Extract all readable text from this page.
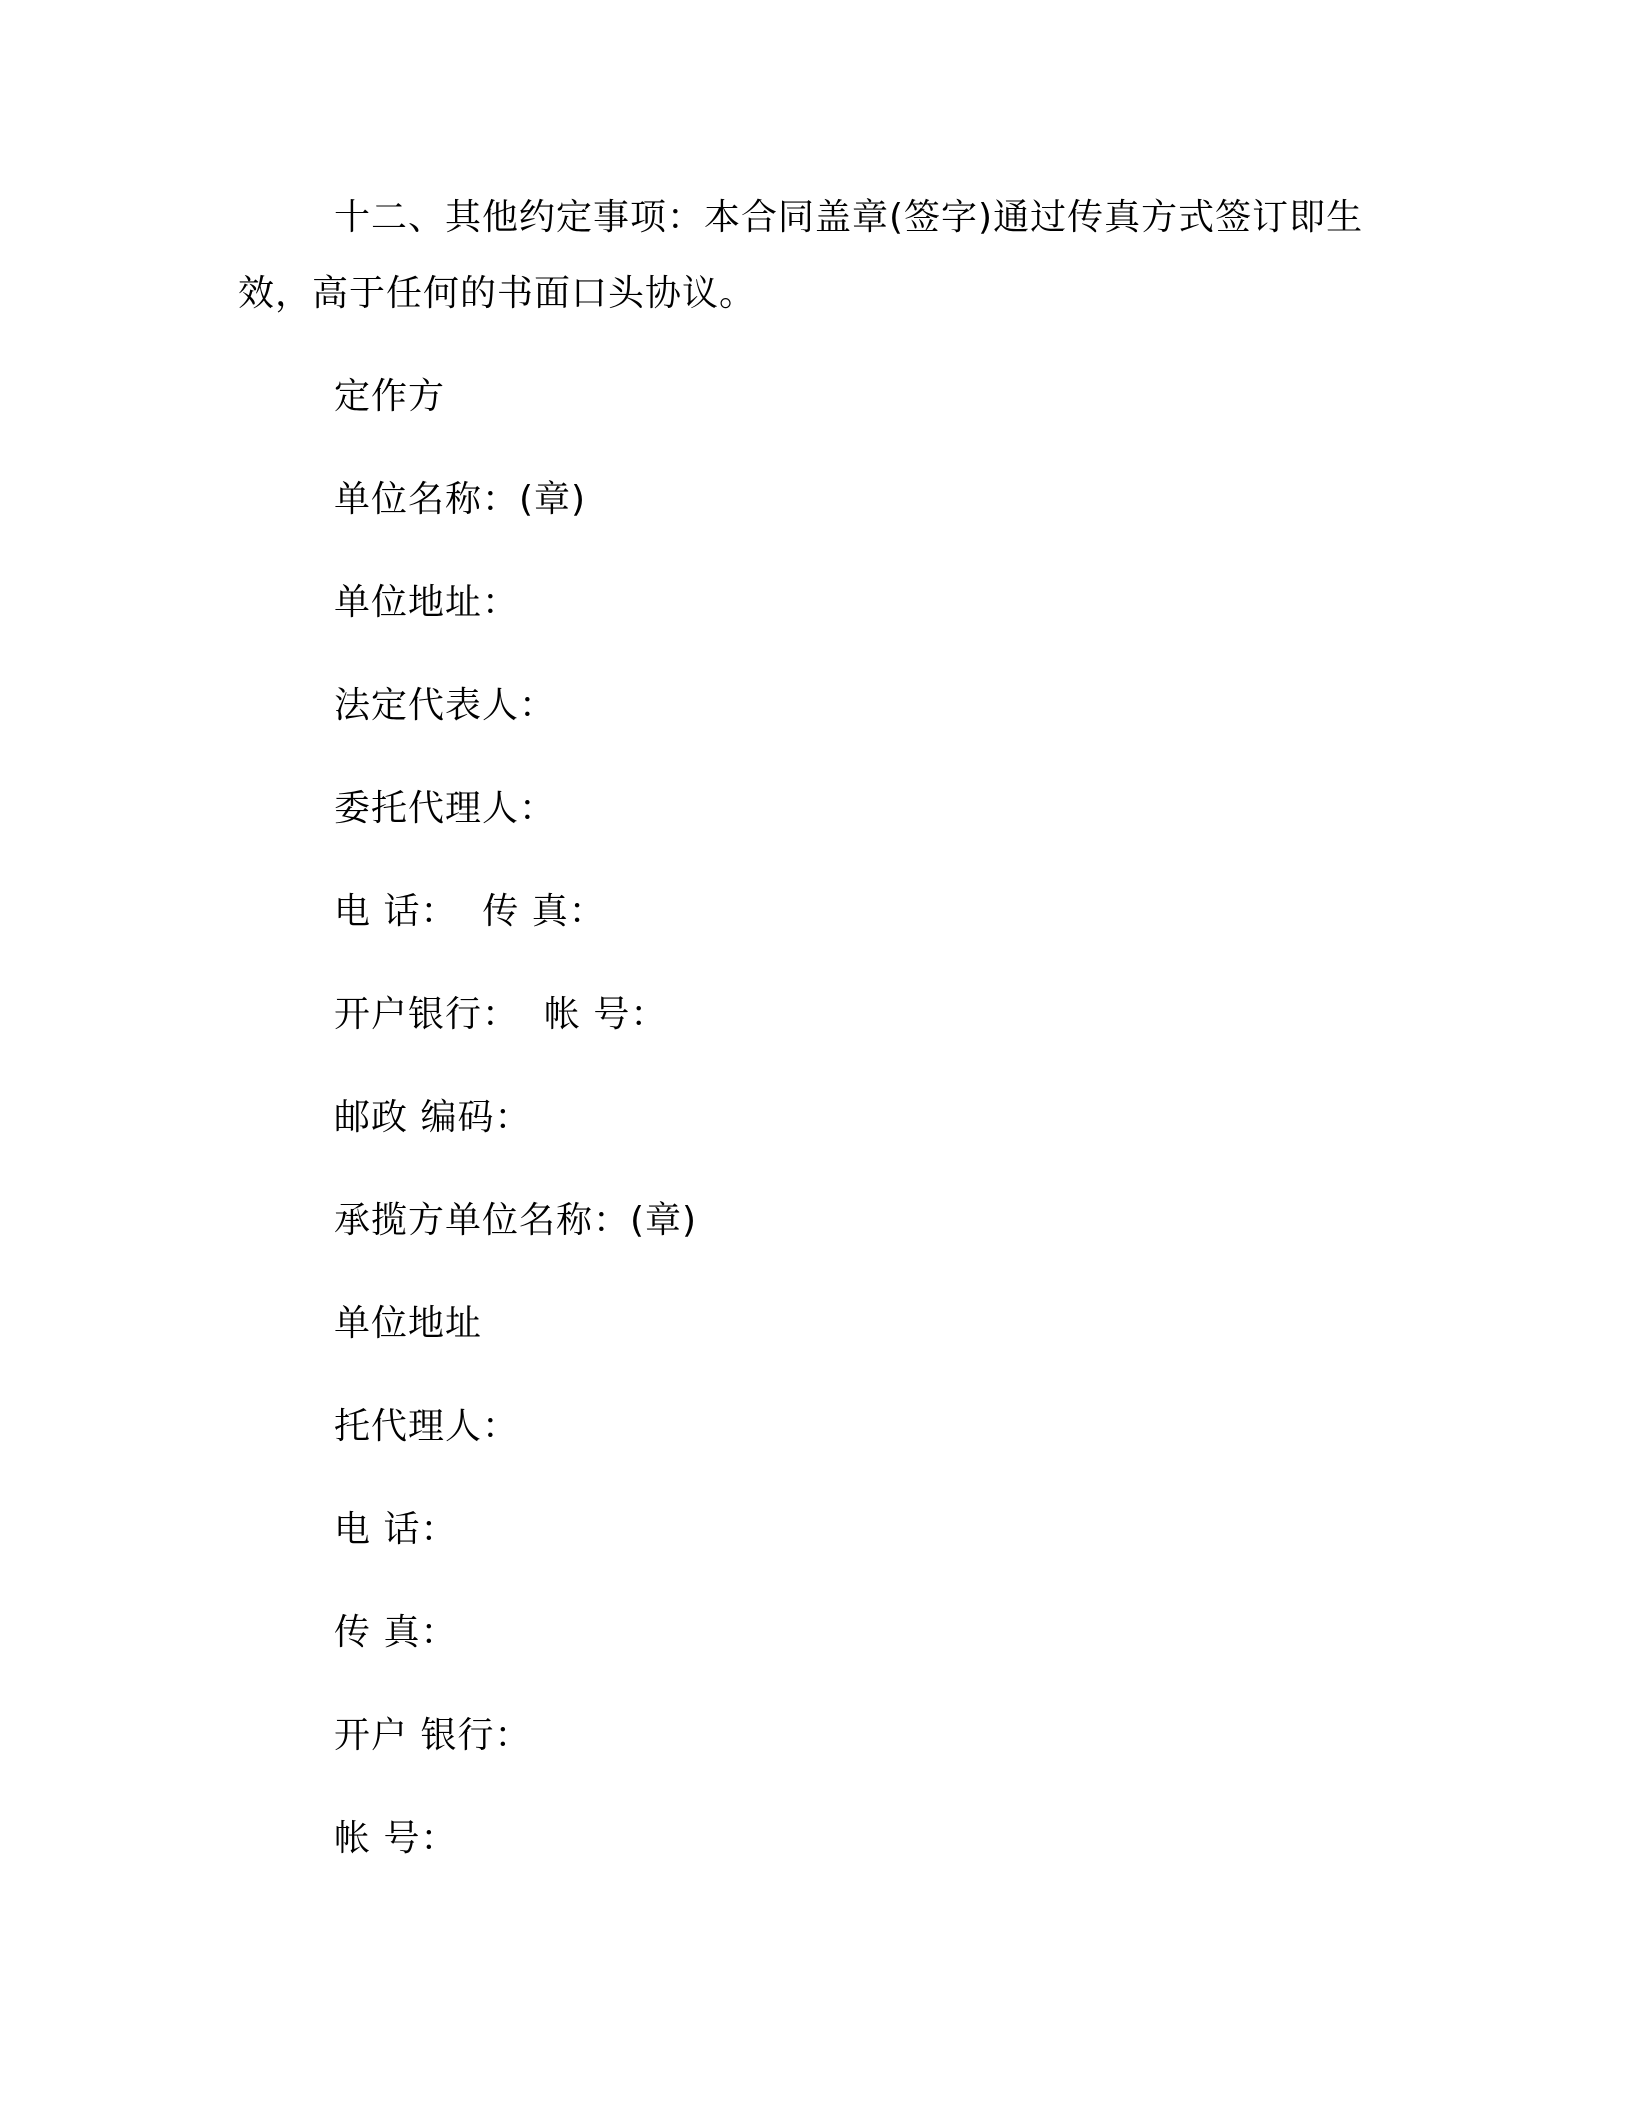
十二、其他约定事项：本合同盖章(签字)通过传真方式签订即生效，高于任何的书面口头协议。

定作方
单位名称：(章)
单位地址：
法定代表人：
委托代理人：
电 话：  传 真：
开户银行：  帐 号：
邮政 编码：
承揽方单位名称：(章)
单位地址
托代理人：
电 话：
传 真：
开户 银行：
帐 号：
